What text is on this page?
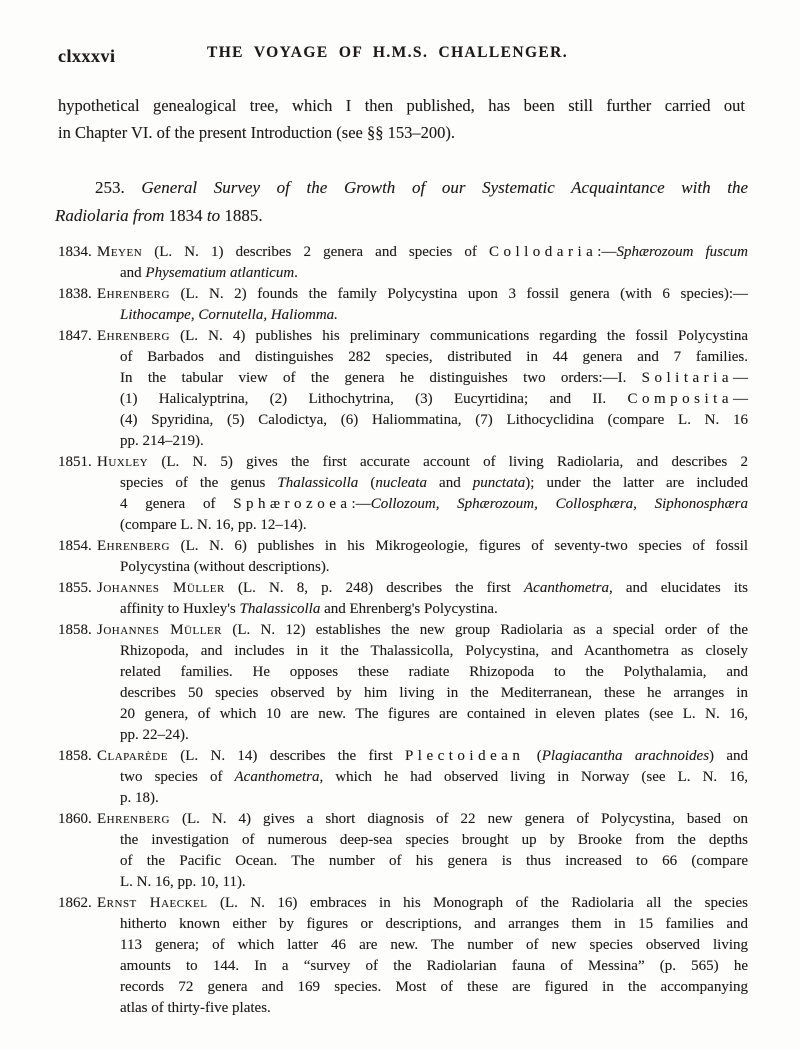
clxxxvi	THE VOYAGE OF H.M.S. CHALLENGER.
hypothetical genealogical tree, which I then published, has been still further carried out
in Chapter VI. of the present Introduction (see §§ 153–200).
253. General Survey of the Growth of our Systematic Acquaintance with the
Radiolaria from 1834 to 1885.
1834. Meyen (L. N. 1) describes 2 genera and species of Collodaria:—Sphærozoum fuscum
and Physematium atlanticum.
1838. Ehrenberg (L. N. 2) founds the family Polycystina upon 3 fossil genera (with 6 species):—
Lithocampe, Cornutella, Haliomma.
1847. Ehrenberg (L. N. 4) publishes his preliminary communications regarding the fossil Polycystina
of Barbados and distinguishes 282 species, distributed in 44 genera and 7 families.
In the tabular view of the genera he distinguishes two orders:—I. Solitaria—
(1) Halicalyptrina, (2) Lithochytrina, (3) Eucyrtidina; and II. Composita—
(4) Spyridina, (5) Calodictya, (6) Haliommatina, (7) Lithocyclidina (compare L. N. 16
pp. 214–219).
1851. Huxley (L. N. 5) gives the first accurate account of living Radiolaria, and describes 2
species of the genus Thalassicolla (nucleata and punctata); under the latter are included
4 genera of Sphærozoea:—Collozoum, Sphærozoum, Collosphæra, Siphonosphæra
(compare L. N. 16, pp. 12–14).
1854. Ehrenberg (L. N. 6) publishes in his Mikrogeologie, figures of seventy-two species of fossil
Polycystina (without descriptions).
1855. Johannes Müller (L. N. 8, p. 248) describes the first Acanthometra, and elucidates its
affinity to Huxley's Thalassicolla and Ehrenberg's Polycystina.
1858. Johannes Müller (L. N. 12) establishes the new group Radiolaria as a special order of the
Rhizopoda, and includes in it the Thalassicolla, Polycystina, and Acanthometra as closely
related families. He opposes these radiate Rhizopoda to the Polythalamia, and
describes 50 species observed by him living in the Mediterranean, these he arranges in
20 genera, of which 10 are new. The figures are contained in eleven plates (see L. N. 16,
pp. 22–24).
1858. Claparède (L. N. 14) describes the first Plectoidean (Plagiacantha arachnoides) and
two species of Acanthometra, which he had observed living in Norway (see L. N. 16,
p. 18).
1860. Ehrenberg (L. N. 4) gives a short diagnosis of 22 new genera of Polycystina, based on
the investigation of numerous deep-sea species brought up by Brooke from the depths
of the Pacific Ocean. The number of his genera is thus increased to 66 (compare
L. N. 16, pp. 10, 11).
1862. Ernst Haeckel (L. N. 16) embraces in his Monograph of the Radiolaria all the species
hitherto known either by figures or descriptions, and arranges them in 15 families and
113 genera; of which latter 46 are new. The number of new species observed living
amounts to 144. In a “survey of the Radiolarian fauna of Messina” (p. 565) he
records 72 genera and 169 species. Most of these are figured in the accompanying
atlas of thirty-five plates.
